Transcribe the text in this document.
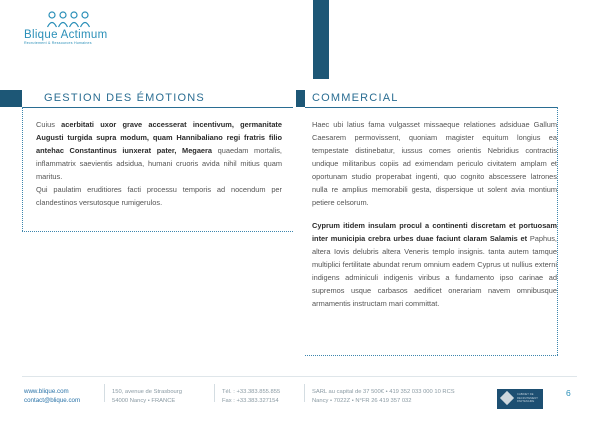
Blique Actimum
Recrutement & Ressources Humaines
GESTION DES ÉMOTIONS
Cuius acerbitati uxor grave accesserat incentivum, germanitate Augusti turgida supra modum, quam Hannibaliano regi fratris filio antehac Constantinus iunxerat pater, Megaera quaedam mortalis, inflammatrix saevientis adsidua, humani cruoris avida nihil mitius quam maritus.
Qui paulatim eruditiores facti processu temporis ad nocendum per clandestinos versutosque rumigerulos.
COMMERCIAL
Haec ubi latius fama vulgasset missaeque relationes adsiduae Gallum Caesarem permovissent, quoniam magister equitum longius ea tempestate distinebatur, iussus comes orientis Nebridius contractis undique militaribus copiis ad eximendam periculo civitatem amplam et oportunam studio properabat ingenti, quo cognito abscessere latrones nulla re amplius memorabili gesta, dispersique ut solent avia montium petiere celsorum.
Cyprum itidem insulam procul a continenti discretam et portuosam inter municipia crebra urbes duae faciunt claram Salamis et Paphus, altera Iovis delubris altera Veneris templo insignis. tanta autem tamque multiplici fertilitate abundat rerum omnium eadem Cyprus ut nullius externi indigens adminiculi indigenis viribus a fundamento ipso carinae ad supremos usque carbasos aedificet onerariam navem omnibusque armamentis instructam mari committat.
www.blique.com
contact@blique.com
150, avenue de Strasbourg
54000 Nancy • FRANCE
Tél. : +33.383.855.855
Fax : +33.383.327154
SARL au capital de 37 500€ • 419 352 033 000 10 RCS
Nancy • 7022Z • N°FR 26 419 357 032
CABINET DE
RECRUTEMENT
PARTENAIRE
6
